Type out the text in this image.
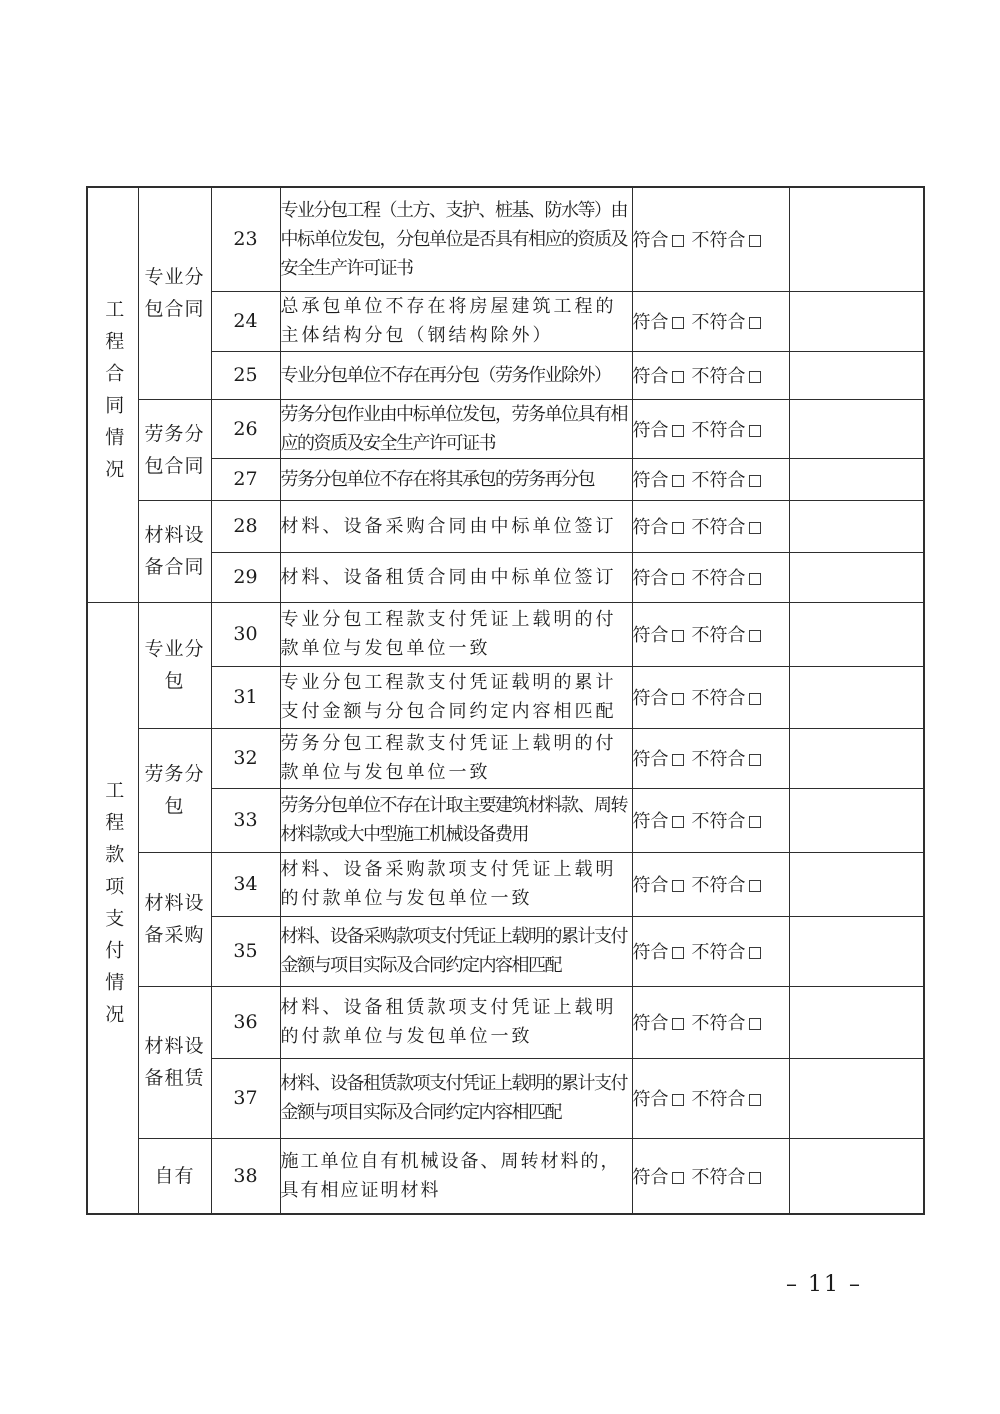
工程合同情况	专业分包合同	23	专业分包工程（土方、支护、桩基、防水等）由中标单位发包，分包单位是否具有相应的资质及安全生产许可证书	符合 不符合	
		24	总承包单位不存在将房屋建筑工程的主体结构分包（钢结构除外）	符合 不符合	
		25	专业分包单位不存在再分包（劳务作业除外）	符合 不符合	
	劳务分包合同	26	劳务分包作业由中标单位发包，劳务单位具有相应的资质及安全生产许可证书	符合 不符合	
		27	劳务分包单位不存在将其承包的劳务再分包	符合 不符合	
	材料设备合同	28	材料、设备采购合同由中标单位签订	符合 不符合	
		29	材料、设备租赁合同由中标单位签订	符合 不符合	

工程款项支付情况	专业分包	30	专业分包工程款支付凭证上载明的付款单位与发包单位一致	符合 不符合	
		31	专业分包工程款支付凭证载明的累计支付金额与分包合同约定内容相匹配	符合 不符合	
	劳务分包	32	劳务分包工程款支付凭证上载明的付款单位与发包单位一致	符合 不符合	
		33	劳务分包单位不存在计取主要建筑材料款、周转材料款或大中型施工机械设备费用	符合 不符合	
	材料设备采购	34	材料、设备采购款项支付凭证上载明的付款单位与发包单位一致	符合 不符合	
		35	材料、设备采购款项支付凭证上载明的累计支付金额与项目实际及合同约定内容相匹配	符合 不符合	
	材料设备租赁	36	材料、设备租赁款项支付凭证上载明的付款单位与发包单位一致	符合 不符合	
		37	材料、设备租赁款项支付凭证上载明的累计支付金额与项目实际及合同约定内容相匹配	符合 不符合	
	自有	38	施工单位自有机械设备、周转材料的，具有相应证明材料	符合 不符合	
– 11 –
